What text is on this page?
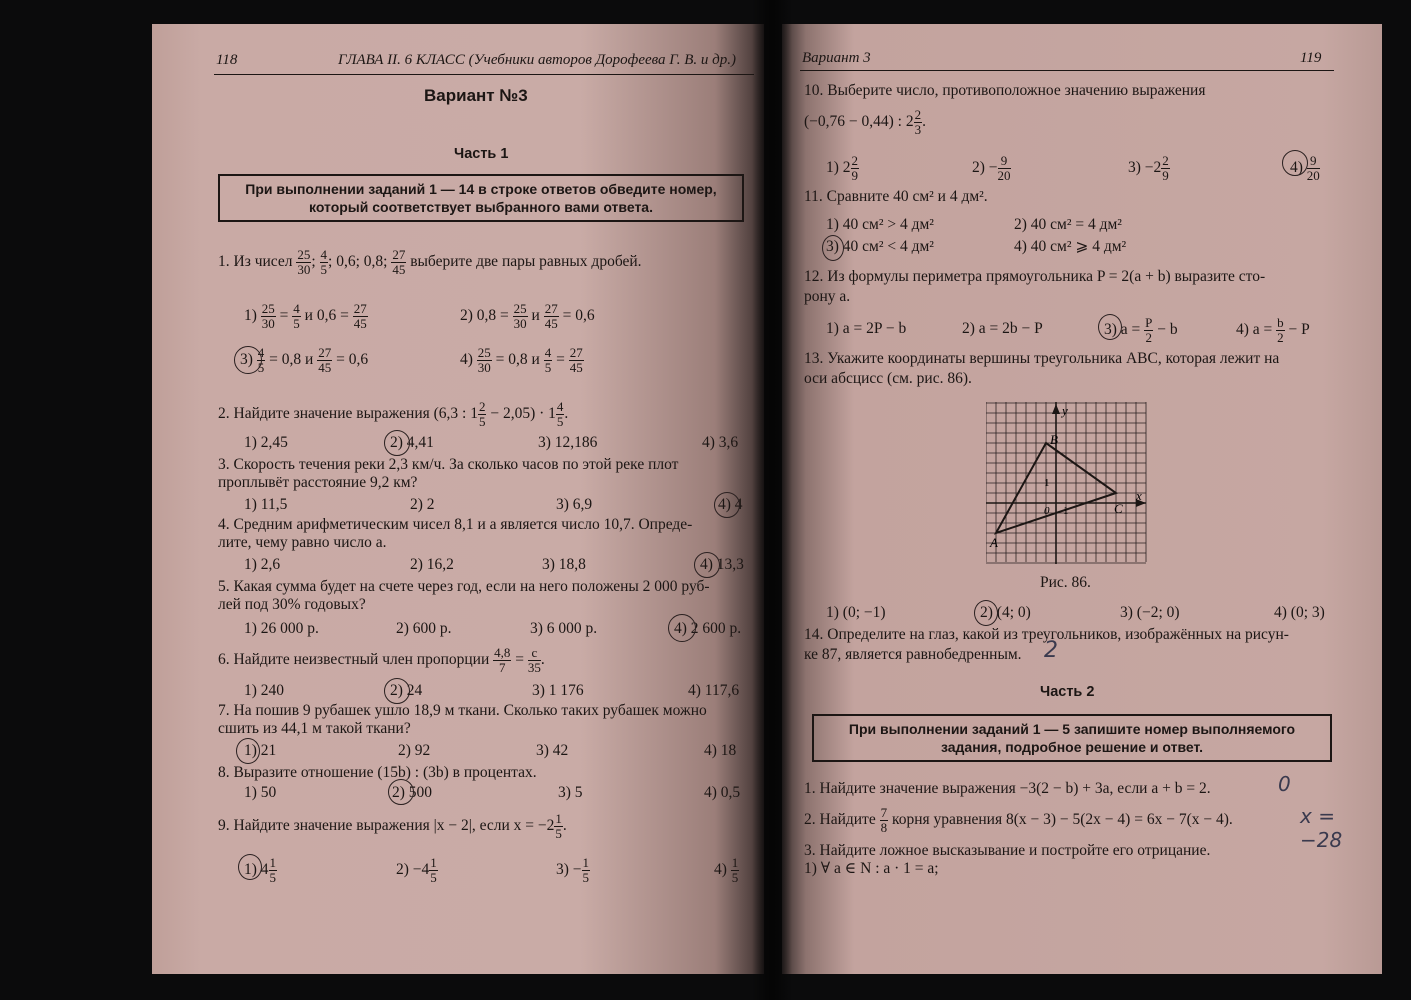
118	ГЛАВА II. 6 КЛАСС (Учебники авторов Дорофеева Г. В. и др.)
Вариант №3
Часть 1
При выполнении заданий 1 — 14 в строке ответов обведите номер, который соответствует выбранного вами ответа.
1. Из чисел $\frac{25}{30}$ ; $\frac{4}{5}$ ; 0,6; 0,8; $\frac{27}{45}$ выберите две пары равных дробей.
$1) \frac{25}{30} = \frac{4}{5}$ и $0,6 = \frac{27}{45}$	2) $0,8 = \frac{25}{30}$ и $\frac{27}{45} = 0,6$
$3) \frac{4}{5} = 0,8$ и $\frac{27}{45} = 0,6$	$4) \frac{25}{30} = 0,8$ и $\frac{4}{5} = \frac{27}{45}$
2. Найдите значение выражения (6,3 : $1 \frac{2}{5} - 2,05) \cdot 1 \frac{4}{5}$ .
1) 2,45	2) 4,41	3) 12,186	4) 3,6
3. Скорость течения реки 2,3 км/ч. За сколько часов по этой реке плот
проплывёт расстояние 9,2 км?
1) 11,5	2) 2	3) 6,9	4) 4
4. Средним арифметическим чисел 8,1 и a является число 10,7. Опреде-
лите, чему равно число a.
1) 2,6	2) 16,2	3) 18,8	4) 13,3
5. Какая сумма будет на счете через год, если на него положены 2 000 руб-
лей под 30% годовых?
1) 26 000 р.	2) 600 р.	3) 6 000 р.	4) 2 600 р.
6. Найдите неизвестный член пропорции $\frac{4,8}{7} = \frac{c}{35}$ .
1) 240	2) 24	3) 1 176	4) 117,6
7. На пошив 9 рубашек ушло 18,9 м ткани. Сколько таких рубашек можно
сшить из 44,1 м такой ткани?
1) 21	2) 92	3) 42	4) 18
8. Выразите отношение (15b) : (3b) в процентах.
1) 50	2) 500	3) 5	4) 0,5
9. Найдите значение выражения |x − 2|, если $x = -2 \frac{1}{5}$ .
1) $4 \frac{1}{5}$	$2) -4 \frac{1}{5}$	$3) - \frac{1}{5}$	$4) \frac{1}{5}$
Вариант 3	119
10. Выберите число, противоположное значению выражения
(−0,76 − 0,44) : $2 \frac{2}{3}$ .
1) $2 \frac{2}{9}$	$2) - \frac{9}{20}$	$3) -2 \frac{2}{9}$	$4) \frac{9}{20}$
11. Сравните 40 см² и 4 дм².
1) 40 см² > 4 дм²	2) 40 см² = 4 дм²
3) 40 см² < 4 дм²	4) 40 см² ⩾ 4 дм²
12. Из формулы периметра прямоугольника P = 2(a + b) выразите сто-
рону a.
1) a = 2P − b	2) a = 2b − P	3) $a = \frac{P}{2} - b$	4) $a = \frac{b}{2} - P$
13. Укажите координаты вершины треугольника ABC, которая лежит на
оси абсцисс (см. рис. 86).
y
x
A
B
C
1
0 1
Рис. 86.
1) (0; −1)	2) (4; 0)	3) (−2; 0)	4) (0; 3)
14. Определите на глаз, какой из треугольников, изображённых на рисун-
ке 87, является равнобедренным. 2
Часть 2
При выполнении заданий 1 — 5 запишите номер выполняемого задания, подробное решение и ответ.
1. Найдите значение выражения −3(2 − b) + 3a, если a + b = 2.	0
2. Найдите $\frac{7}{8}$ корня уравнения 8(x − 3) − 5(2x − 4) = 6x − 7(x − 4).	x = −28
3. Найдите ложное высказывание и постройте его отрицание.
1) ∀ a ∈ N : a · 1 = a;
